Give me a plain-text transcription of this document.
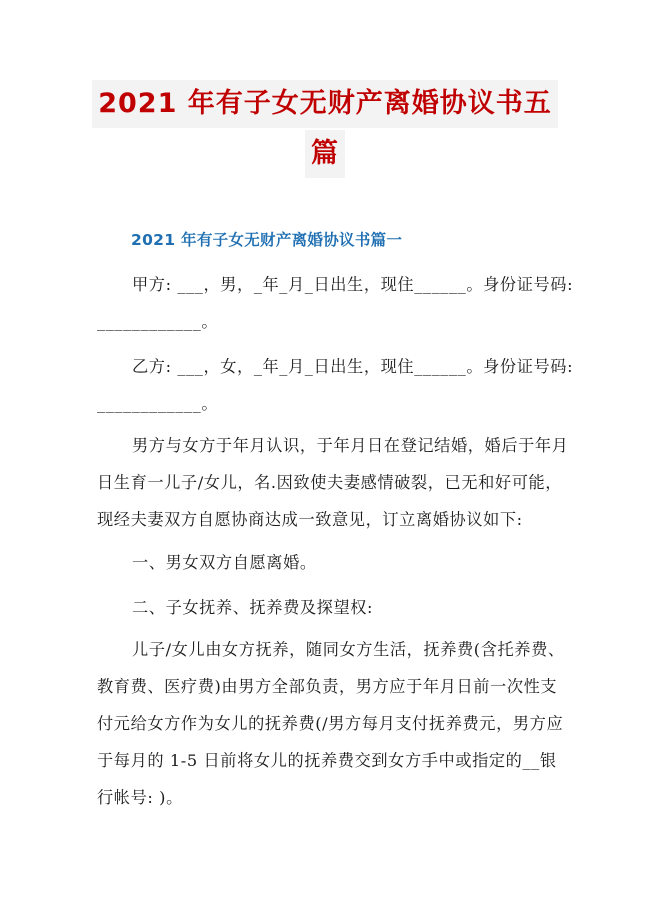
2021 年有子女无财产离婚协议书五
篇
2021 年有子女无财产离婚协议书篇一
甲方: ___，男，_年_月_日出生，现住______。身份证号码:
____________。
乙方: ___，女，_年_月_日出生，现住______。身份证号码:
____________。
男方与女方于年月认识，于年月日在登记结婚，婚后于年月
日生育一儿子/女儿，名.因致使夫妻感情破裂，已无和好可能，
现经夫妻双方自愿协商达成一致意见，订立离婚协议如下:
一、男女双方自愿离婚。
二、子女抚养、抚养费及探望权:
儿子/女儿由女方抚养，随同女方生活，抚养费(含托养费、
教育费、医疗费)由男方全部负责，男方应于年月日前一次性支
付元给女方作为女儿的抚养费(/男方每月支付抚养费元，男方应
于每月的 1-5 日前将女儿的抚养费交到女方手中或指定的__银
行帐号: )。
